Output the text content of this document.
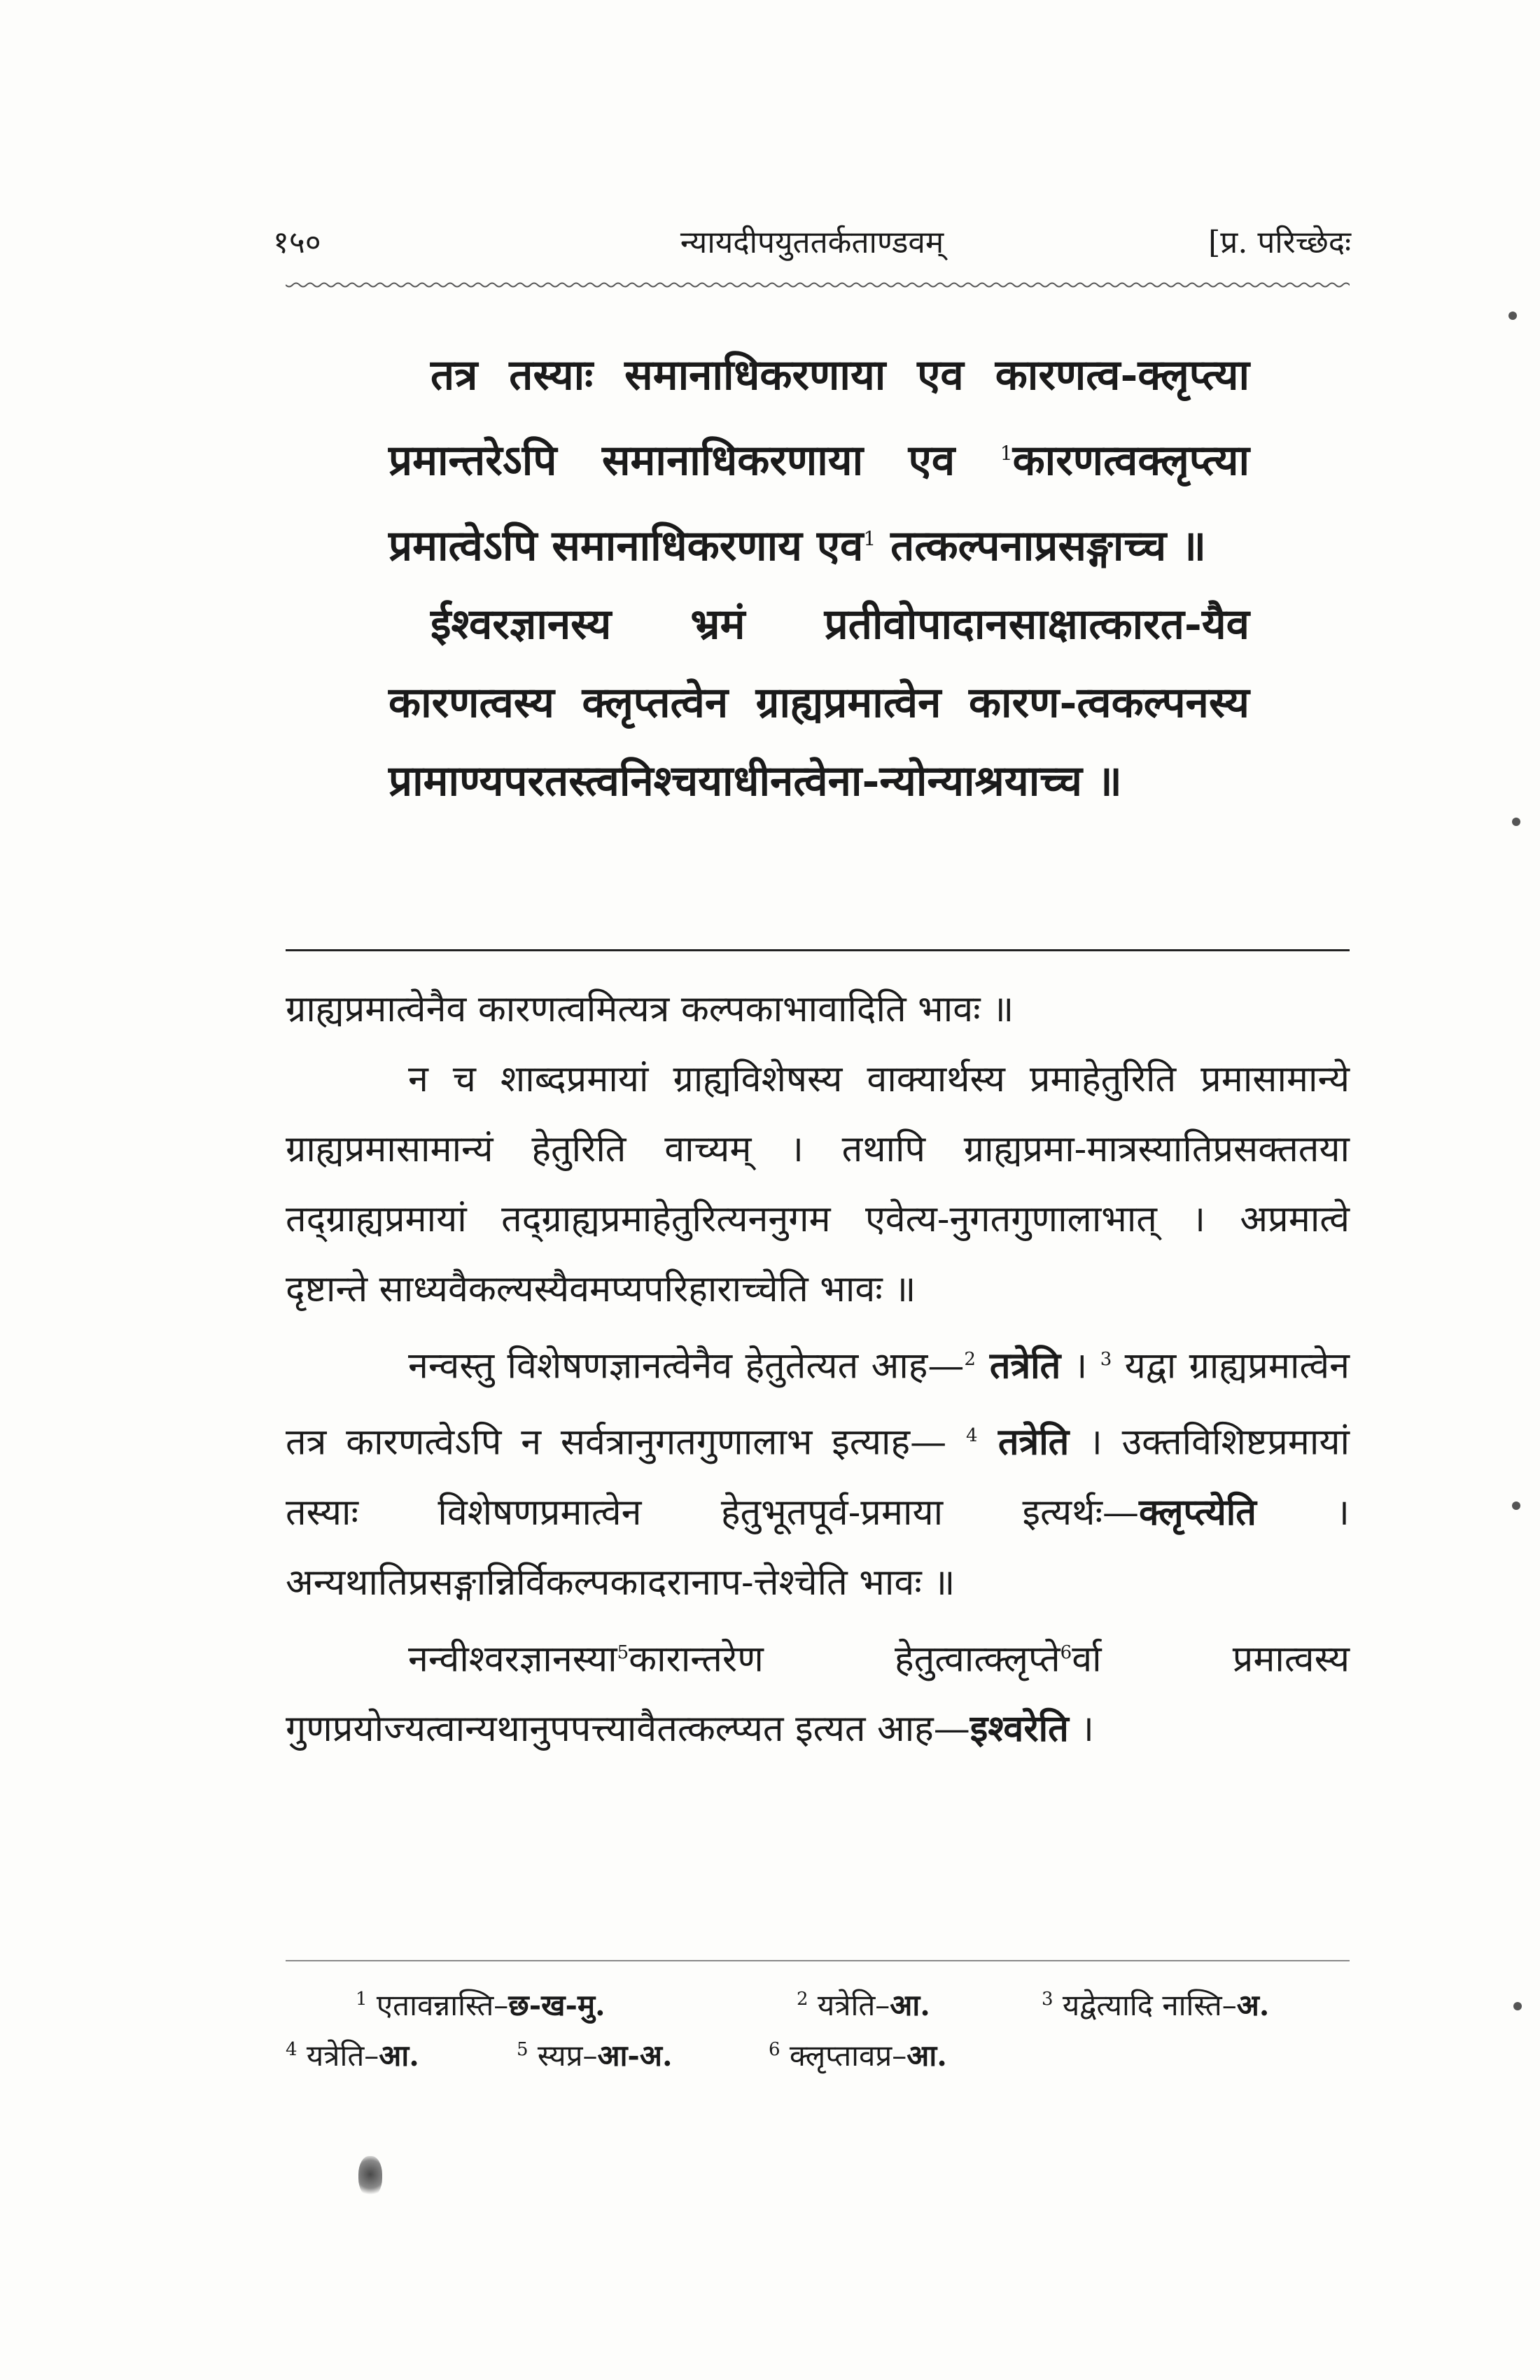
१५०	न्यायदीपयुततर्कताण्डवम्	[प्र. परिच्छेदः

तत्र तस्याः समानाधिकरणाया एव कारणत्व-क्लृप्त्या प्रमान्तरेऽपि समानाधिकरणाया एव $^1$कारणत्वक्लृप्त्या प्रमात्वेऽपि समानाधिकरणाय एव$^1$ तत्कल्पनाप्रसङ्गाच्च ॥

ईश्वरज्ञानस्य भ्रमं प्रतीवोपादानसाक्षात्कारत-यैव कारणत्वस्य क्लृप्तत्वेन ग्राह्यप्रमात्वेन कारण-त्वकल्पनस्य प्रामाण्यपरतस्त्वनिश्चयाधीनत्वेना-न्योन्याश्रयाच्च ॥

ग्राह्यप्रमात्वेनैव कारणत्वमित्यत्र कल्पकाभावादिति भावः ॥

न च शाब्दप्रमायां ग्राह्यविशेषस्य वाक्यार्थस्य प्रमाहेतुरिति प्रमासामान्ये ग्राह्यप्रमासामान्यं हेतुरिति वाच्यम् । तथापि ग्राह्यप्रमा-मात्रस्यातिप्रसक्ततया तद्ग्राह्यप्रमायां तद्ग्राह्यप्रमाहेतुरित्यननुगम एवेत्य-नुगतगुणालाभात् । अप्रमात्वे दृष्टान्ते साध्यवैकल्यस्यैवमप्यपरिहाराच्चेति भावः ॥

नन्वस्तु विशेषणज्ञानत्वेनैव हेतुतेत्यत आह—$^2$ तत्रेति । $^3$ यद्वा ग्राह्यप्रमात्वेन तत्र कारणत्वेऽपि न सर्वत्रानुगतगुणालाभ इत्याह— $^4$ तत्रेति । उक्तविशिष्टप्रमायां तस्याः विशेषणप्रमात्वेन हेतुभूतपूर्व-प्रमाया इत्यर्थः—क्लृप्त्येति । अन्यथातिप्रसङ्गान्निर्विकल्पकादरानाप-त्तेश्चेति भावः ॥

नन्वीश्वरज्ञानस्या$^5$कारान्तरेण हेतुत्वात्क्लृप्ते$^6$र्वा प्रमात्वस्य गुणप्रयोज्यत्वान्यथानुपपत्त्यावैतत्कल्प्यत इत्यत आह—इश्वरेति ।

$^1$ एतावन्नास्ति–छ-ख-मु.	$^2$ यत्रेति–आ.	$^3$ यद्वेत्यादि नास्ति–अ.
$^4$ यत्रेति–आ.	$^5$ स्यप्र–आ-अ.	$^6$ क्लृप्तावप्र–आ.
